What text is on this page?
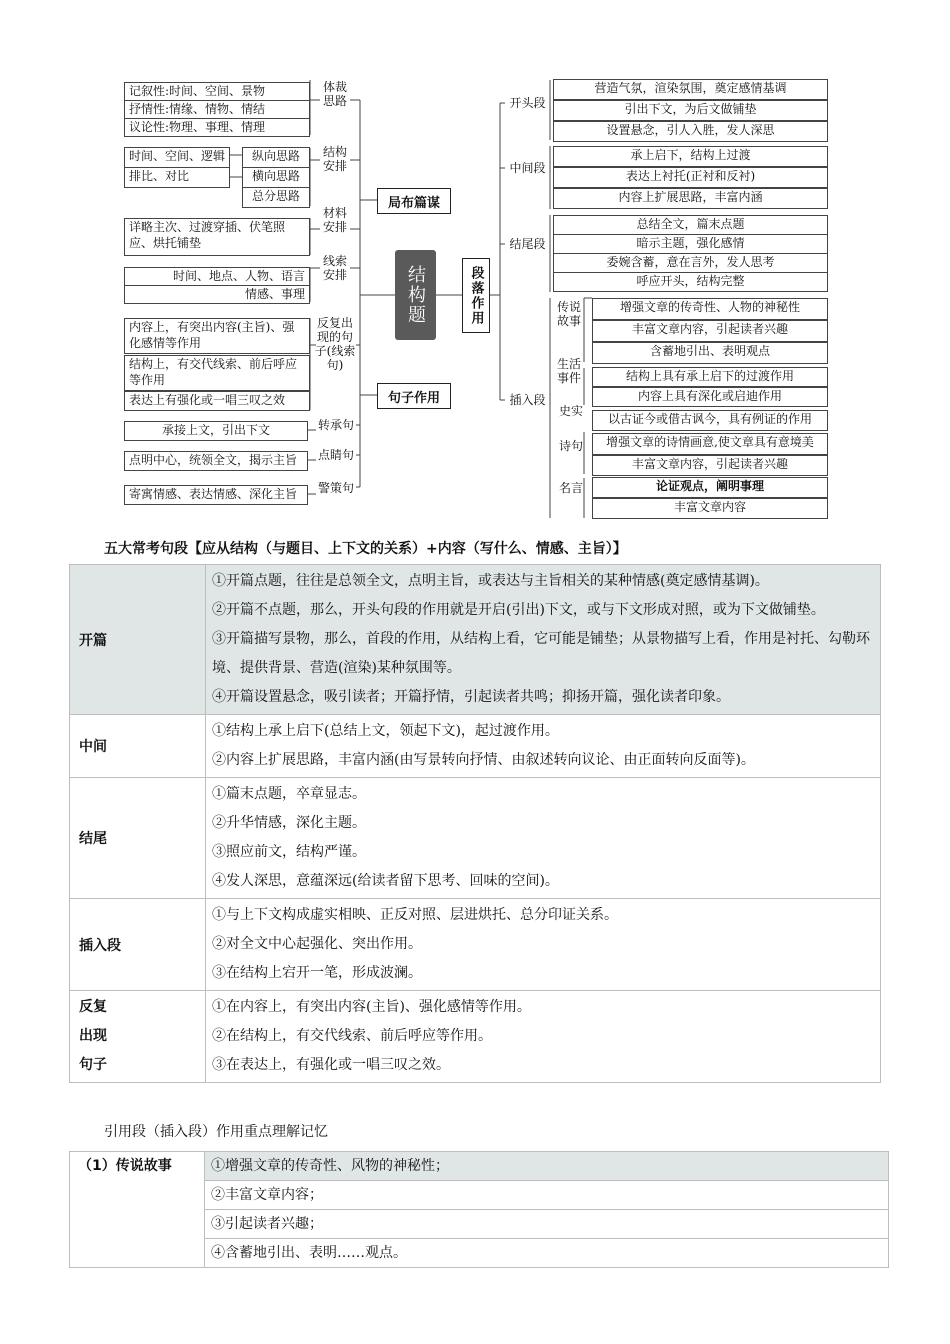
记叙性:时间、空间、景物
抒情性:情缘、情物、情结
议论性:物理、事理、情理
体裁思路
时间、空间、逻辑
排比、对比
纵向思路
横向思路
总分思路
结构安排
详略主次、过渡穿插、伏笔照应、烘托铺垫
材料安排
时间、地点、人物、语言
情感、事理
线索安排
局布篇谋
结构题	段落作用
内容上，有突出内容(主旨)、强化感情等作用
结构上，有交代线索、前后呼应等作用
表达上有强化或一唱三叹之效
反复出现的句子(线索句)
句子作用
承接上文，引出下文	转承句
点明中心，统领全文，揭示主旨	点睛句
寄寓情感、表达情感、深化主旨	警策句
开头段
营造气氛，渲染氛围，奠定感情基调
引出下文，为后文做铺垫
设置悬念，引人入胜，发人深思
中间段
承上启下，结构上过渡
表达上衬托(正衬和反衬)
内容上扩展思路，丰富内涵
结尾段
总结全文，篇末点题
暗示主题，强化感情
委婉含蓄，意在言外，发人思考
呼应开头，结构完整
插入段
传说故事
增强文章的传奇性、人物的神秘性
丰富文章内容，引起读者兴趣
含蓄地引出、表明观点
生活事件	结构上具有承上启下的过渡作用
内容上具有深化或启迪作用
史实
以古证今或借古讽今，具有例证的作用
诗句	增强文章的诗情画意,使文章具有意境美
丰富文章内容，引起读者兴趣
名言	论证观点，阐明事理
丰富文章内容
五大常考句段【应从结构（与题目、上下文的关系）+内容（写什么、情感、主旨）】
开篇	①开篇点题，往往是总领全文，点明主旨，或表达与主旨相关的某种情感(奠定感情基调)。
②开篇不点题，那么，开头句段的作用就是开启(引出)下文，或与下文形成对照，或为下文做铺垫。
③开篇描写景物，那么，首段的作用，从结构上看，它可能是铺垫；从景物描写上看，作用是衬托、勾勒环境、提供背景、营造(渲染)某种氛围等。
④开篇设置悬念，吸引读者；开篇抒情，引起读者共鸣；抑扬开篇，强化读者印象。

中间	①结构上承上启下(总结上文，领起下文)，起过渡作用。
②内容上扩展思路，丰富内涵(由写景转向抒情、由叙述转向议论、由正面转向反面等)。

结尾	①篇末点题，卒章显志。
②升华情感，深化主题。
③照应前文，结构严谨。
④发人深思，意蕴深远(给读者留下思考、回味的空间)。

插入段	①与上下文构成虚实相映、正反对照、层进烘托、总分印证关系。
②对全文中心起强化、突出作用。
③在结构上宕开一笔，形成波澜。

反复
出现
句子	①在内容上，有突出内容(主旨)、强化感情等作用。
②在结构上，有交代线索、前后呼应等作用。
③在表达上，有强化或一唱三叹之效。
引用段（插入段）作用重点理解记忆
（1）传说故事	①增强文章的传奇性、风物的神秘性；
②丰富文章内容；
③引起读者兴趣；
④含蓄地引出、表明……观点。
